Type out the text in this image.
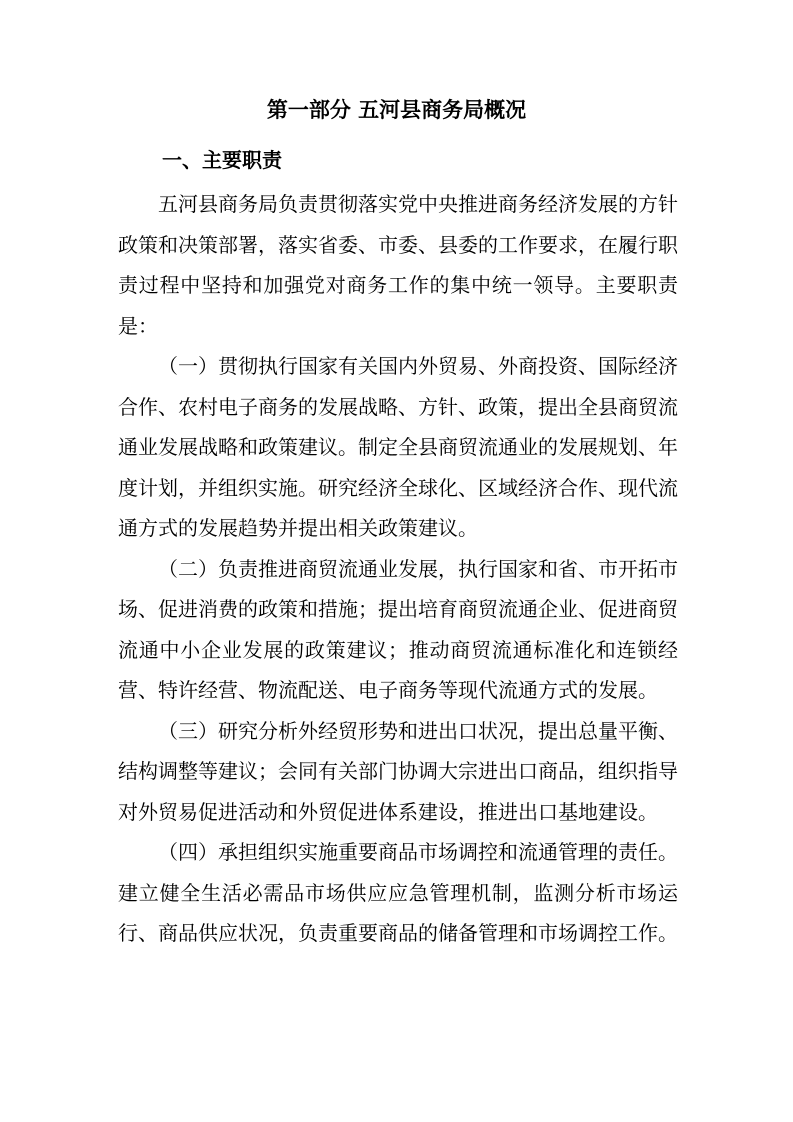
第一部分 五河县商务局概况
一、主要职责

五河县商务局负责贯彻落实党中央推进商务经济发展的方针政策和决策部署，落实省委、市委、县委的工作要求，在履行职责过程中坚持和加强党对商务工作的集中统一领导。主要职责是：

（一）贯彻执行国家有关国内外贸易、外商投资、国际经济合作、农村电子商务的发展战略、方针、政策，提出全县商贸流通业发展战略和政策建议。制定全县商贸流通业的发展规划、年度计划，并组织实施。研究经济全球化、区域经济合作、现代流通方式的发展趋势并提出相关政策建议。

（二）负责推进商贸流通业发展，执行国家和省、市开拓市场、促进消费的政策和措施；提出培育商贸流通企业、促进商贸流通中小企业发展的政策建议；推动商贸流通标准化和连锁经营、特许经营、物流配送、电子商务等现代流通方式的发展。

（三）研究分析外经贸形势和进出口状况，提出总量平衡、结构调整等建议；会同有关部门协调大宗进出口商品，组织指导对外贸易促进活动和外贸促进体系建设，推进出口基地建设。

（四）承担组织实施重要商品市场调控和流通管理的责任。建立健全生活必需品市场供应应急管理机制，监测分析市场运行、商品供应状况，负责重要商品的储备管理和市场调控工作。
